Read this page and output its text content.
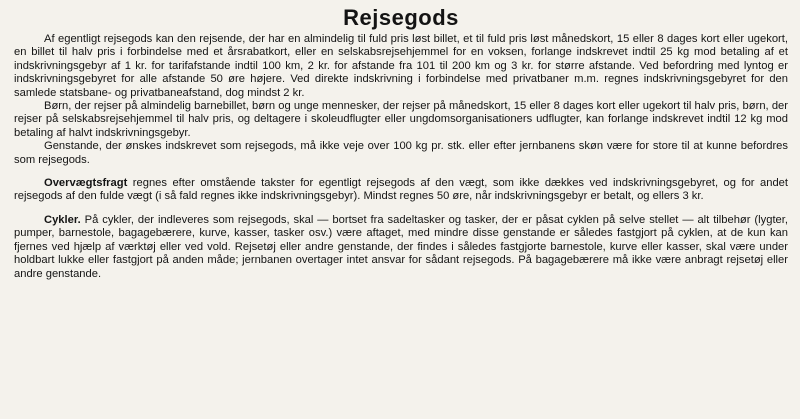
Rejsegods

Af egentligt rejsegods kan den rejsende, der har en almindelig til fuld pris løst billet, et til fuld pris løst månedskort, 15 eller 8 dages kort eller ugekort, en billet til halv pris i forbindelse med et årsrabatkort, eller en selskabsrejsehjemmel for en voksen, forlange indskrevet indtil 25 kg mod betaling af et indskrivningsgebyr af 1 kr. for tarifafstande indtil 100 km, 2 kr. for afstande fra 101 til 200 km og 3 kr. for større afstande. Ved befordring med lyntog er indskrivningsgebyret for alle afstande 50 øre højere. Ved direkte indskrivning i forbindelse med privatbaner m.m. regnes indskrivningsgebyret for den samlede statsbane- og privatbaneafstand, dog mindst 2 kr.

Børn, der rejser på almindelig barnebillet, børn og unge mennesker, der rejser på månedskort, 15 eller 8 dages kort eller ugekort til halv pris, børn, der rejser på selskabsrejsehjemmel til halv pris, og deltagere i skoleudflugter eller ungdomsorganisationers udflugter, kan forlange indskrevet indtil 12 kg mod betaling af halvt indskrivningsgebyr.

Genstande, der ønskes indskrevet som rejsegods, må ikke veje over 100 kg pr. stk. eller efter jernbanens skøn være for store til at kunne befordres som rejsegods.

Overvægtsfragt regnes efter omstående takster for egentligt rejsegods af den vægt, som ikke dækkes ved indskrivningsgebyret, og for andet rejsegods af den fulde vægt (i så fald regnes ikke indskrivningsgebyr). Mindst regnes 50 øre, når indskrivningsgebyr er betalt, og ellers 3 kr.

Cykler. På cykler, der indleveres som rejsegods, skal — bortset fra sadeltasker og tasker, der er påsat cyklen på selve stellet — alt tilbehør (lygter, pumper, barnestole, bagagebærere, kurve, kasser, tasker osv.) være aftaget, med mindre disse genstande er således fastgjort på cyklen, at de kun kan fjernes ved hjælp af værktøj eller ved vold. Rejsetøj eller andre genstande, der findes i således fastgjorte barnestole, kurve eller kasser, skal være under holdbart lukke eller fastgjort på anden måde; jernbanen overtager intet ansvar for sådant rejsegods. På bagagebærere må ikke være anbragt rejsetøj eller andre genstande.
